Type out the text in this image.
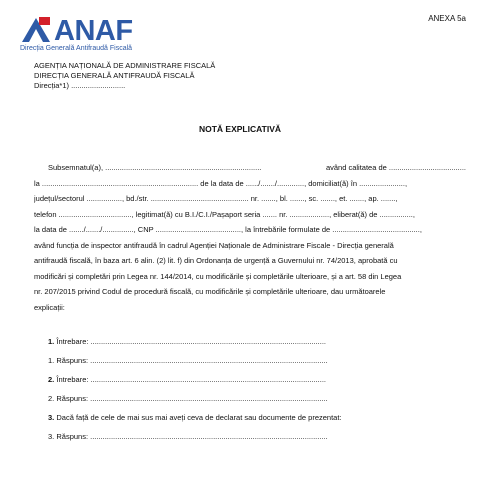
ANEXA 5a
ANAF
Direcția Generală Antifraudă Fiscală
AGENȚIA NAȚIONALĂ DE ADMINISTRARE FISCALĂ
DIRECȚIA GENERALĂ ANTIFRAUDĂ FISCALĂ
Direcția*1) ..........................
NOTĂ EXPLICATIVĂ
Subsemnatul(a), ...........................................................................	având calitatea de .....................................
la ........................................................................... de la data de ....../......./............., domiciliat(ă) în ......................,
județul/sectorul ................., bd./str. ............................................... nr. ......., bl. ......., sc. ......., et. ......., ap. .......,
telefon ..................................., legitimat(ă) cu B.I./C.I./Pașaport seria ....... nr. ..................., eliberat(ă) de ................,
la data de ......./......./..............., CNP ........................................., la întrebările formulate de ..........................................,
având funcția de inspector antifraudă în cadrul Agenției Naționale de Administrare Fiscale - Direcția generală
antifraudă fiscală, în baza art. 6 alin. (2) lit. f) din Ordonanța de urgență a Guvernului nr. 74/2013, aprobată cu
modificări și completări prin Legea nr. 144/2014, cu modificările și completările ulterioare, și a art. 58 din Legea
nr. 207/2015 privind Codul de procedură fiscală, cu modificările și completările ulterioare, dau următoarele
explicații:
1. Întrebare: .................................................................................................................
1. Răspuns: ..................................................................................................................
2. Întrebare: .................................................................................................................
2. Răspuns: ..................................................................................................................
3. Dacă față de cele de mai sus mai aveți ceva de declarat sau documente de prezentat:
3. Răspuns: ..................................................................................................................
